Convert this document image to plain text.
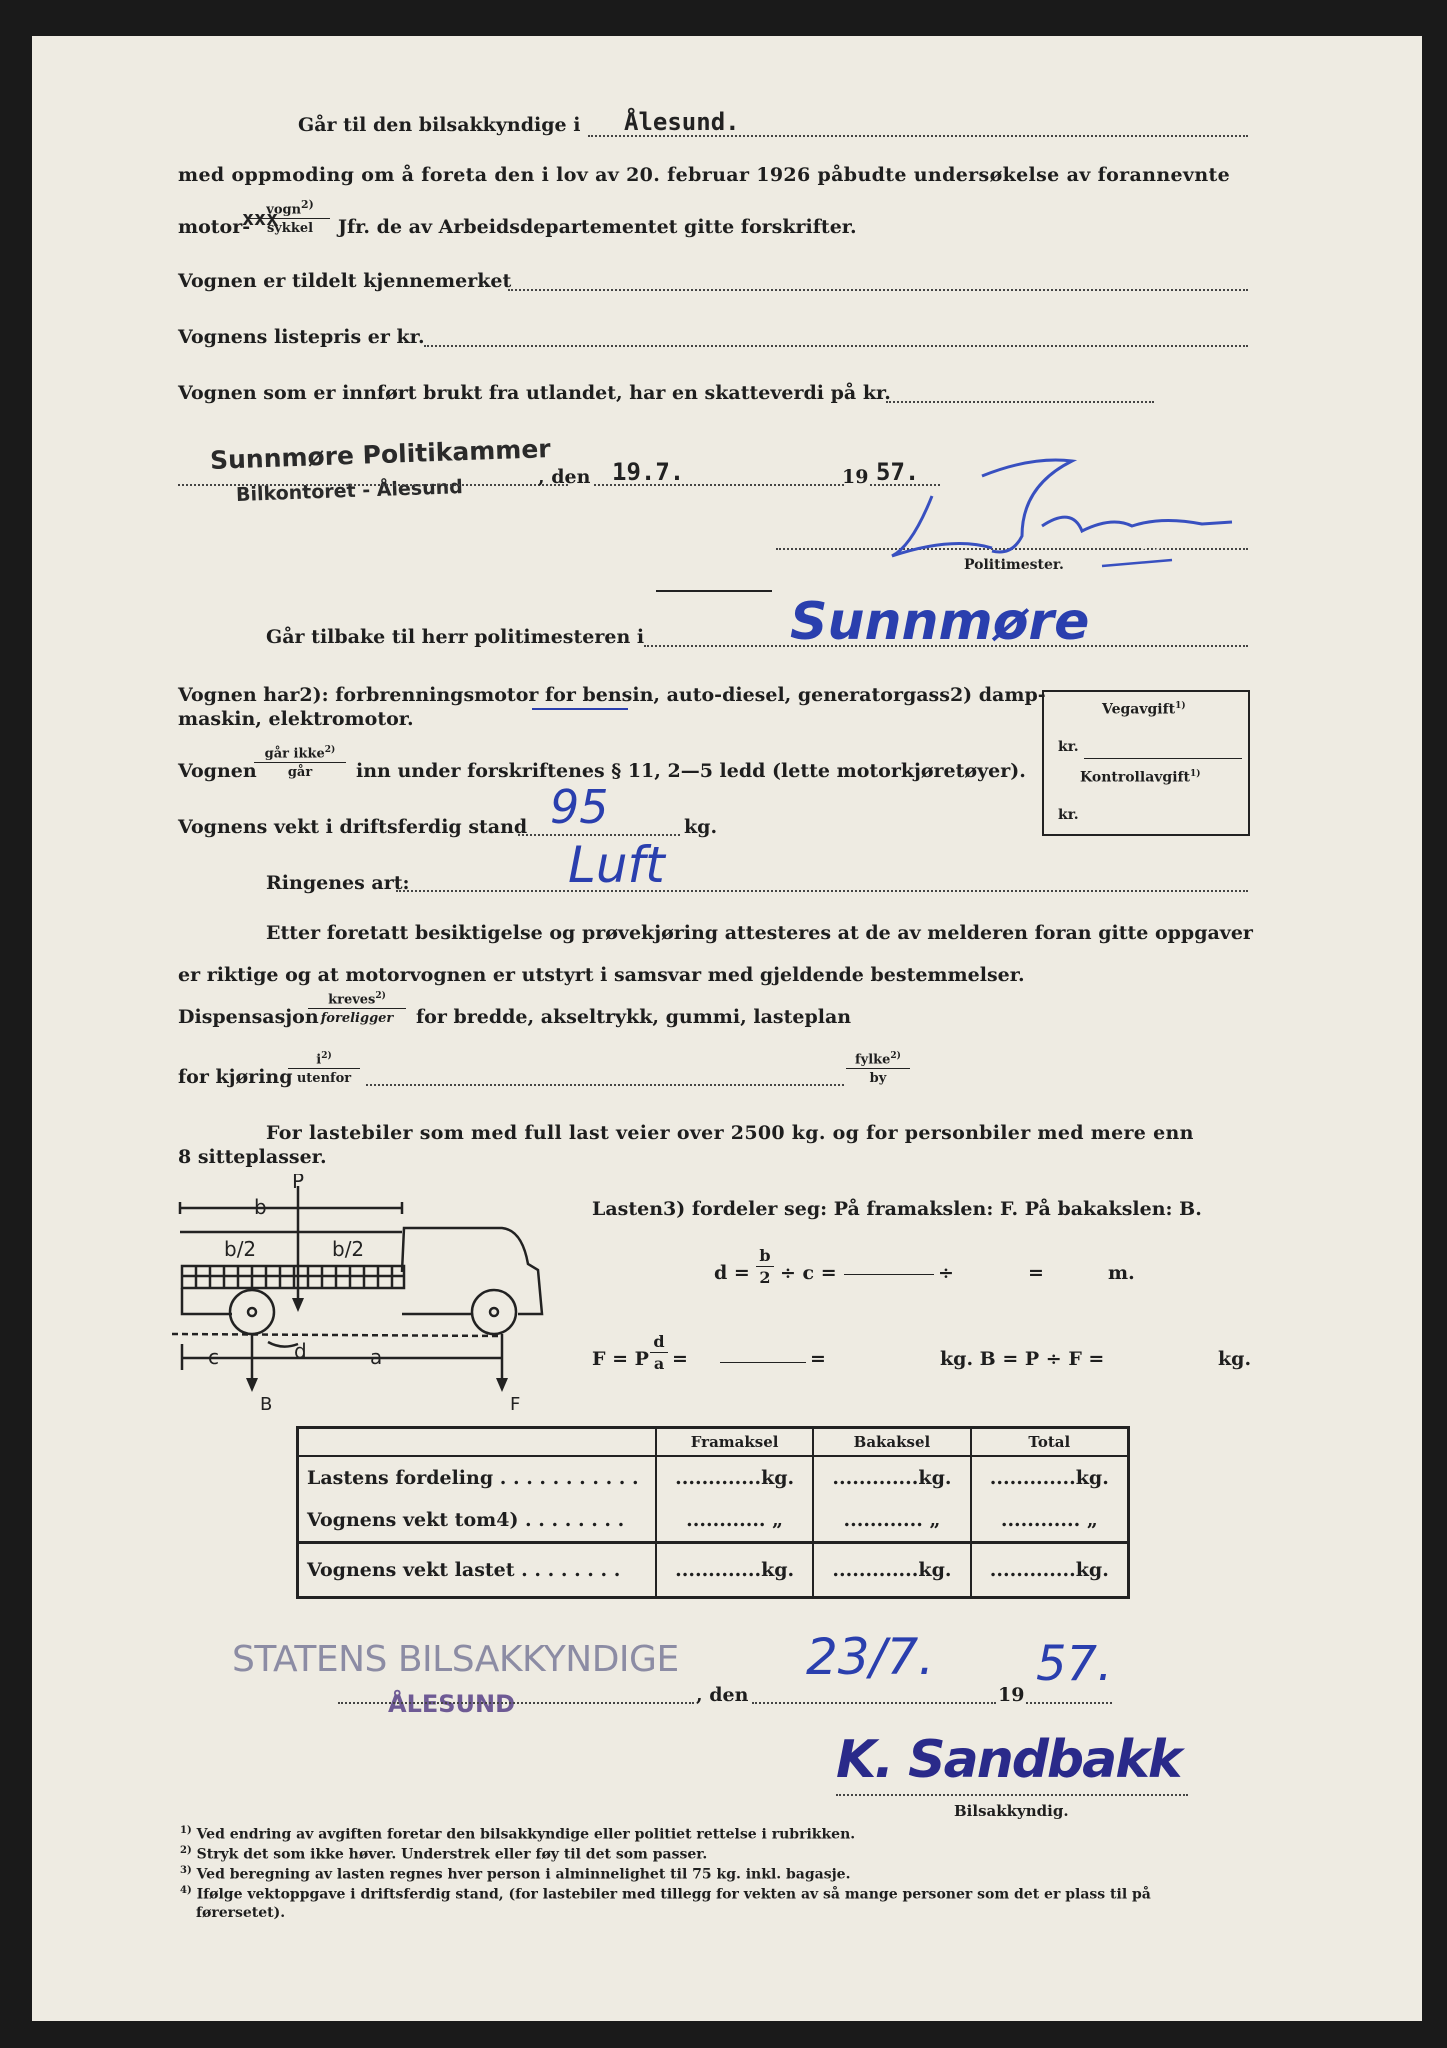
Går til den bilsakkyndige i Ålesund.
med oppmoding om å foreta den i lov av 20. februar 1926 påbudte undersøkelse av forannevnte
motor-
xxx
vogn$^{2)}$
sykkel	Jfr. de av Arbeidsdepartementet gitte forskrifter.
Vognen er tildelt kjennemerket
Vognens listepris er kr.
Vognen som er innført brukt fra utlandet, har en skatteverdi på kr.
Sunnmøre Politikammer
Bilkontoret - Ålesund	, den 19.7.	19 57.
L. Borlie
Politimester.
Går tilbake til herr politimesteren i	Sunnmøre
Vognen har2): forbrenningsmotor for bensin, auto-diesel, generatorgass2) damp-
maskin, elektromotor.	Vegavgift$^{1)}$
kr.
Kontrollavgift$^{1)}$
kr.
Vognen
går ikke$^{2)}$
går	inn under forskriftenes § 11, 2—5 ledd (lette motorkjøretøyer).
Vognens vekt i driftsferdig stand 95	kg.
Ringenes art:	Luft
Etter foretatt besiktigelse og prøvekjøring attesteres at de av melderen foran gitte oppgaver
er riktige og at motorvognen er utstyrt i samsvar med gjeldende bestemmelser.
Dispensasjon
kreves$^{2)}$
foreligger	for bredde, akseltrykk, gummi, lasteplan
for kjøring
$i^{2)}$
utenfor
fylke$^{2)}$
by
For lastebiler som med full last veier over 2500 kg. og for personbiler med mere enn
8 sitteplasser.
P
b
b/2	b/2
d
c	a
B	F
Lasten3) fordeler seg: På framakslen: F. På bakakslen: B.
$d = \frac{b}{2} \div c$ =	÷	=	m.
F = P $\frac{d}{a}$ =	=	kg. B = P ÷ F =	kg.
	Framaksel	Bakaksel	Total
Lastens fordeling . . . . . . . . . . .	.............kg.	.............kg.	.............kg.
Vognens vekt tom4) . . . . . . . .	............ „	............ „	............ „
Vognens vekt lastet . . . . . . . .	.............kg.	.............kg.	.............kg.
STATENS BILSAKKYNDIGE
ÅLESUND	, den
23/7.
19
57.
K. Sandbakk
Bilsakkyndig.
$^{1)}$ Ved endring av avgiften foretar den bilsakkyndige eller politiet rettelse i rubrikken.
$^{2)}$ Stryk det som ikke høver. Understrek eller føy til det som passer.
$^{3)}$ Ved beregning av lasten regnes hver person i alminnelighet til 75 kg. inkl. bagasje.
$^{4)}$ Ifølge vektoppgave i driftsferdig stand, (for lastebiler med tillegg for vekten av så mange personer som det er plass til på
førersetet).
